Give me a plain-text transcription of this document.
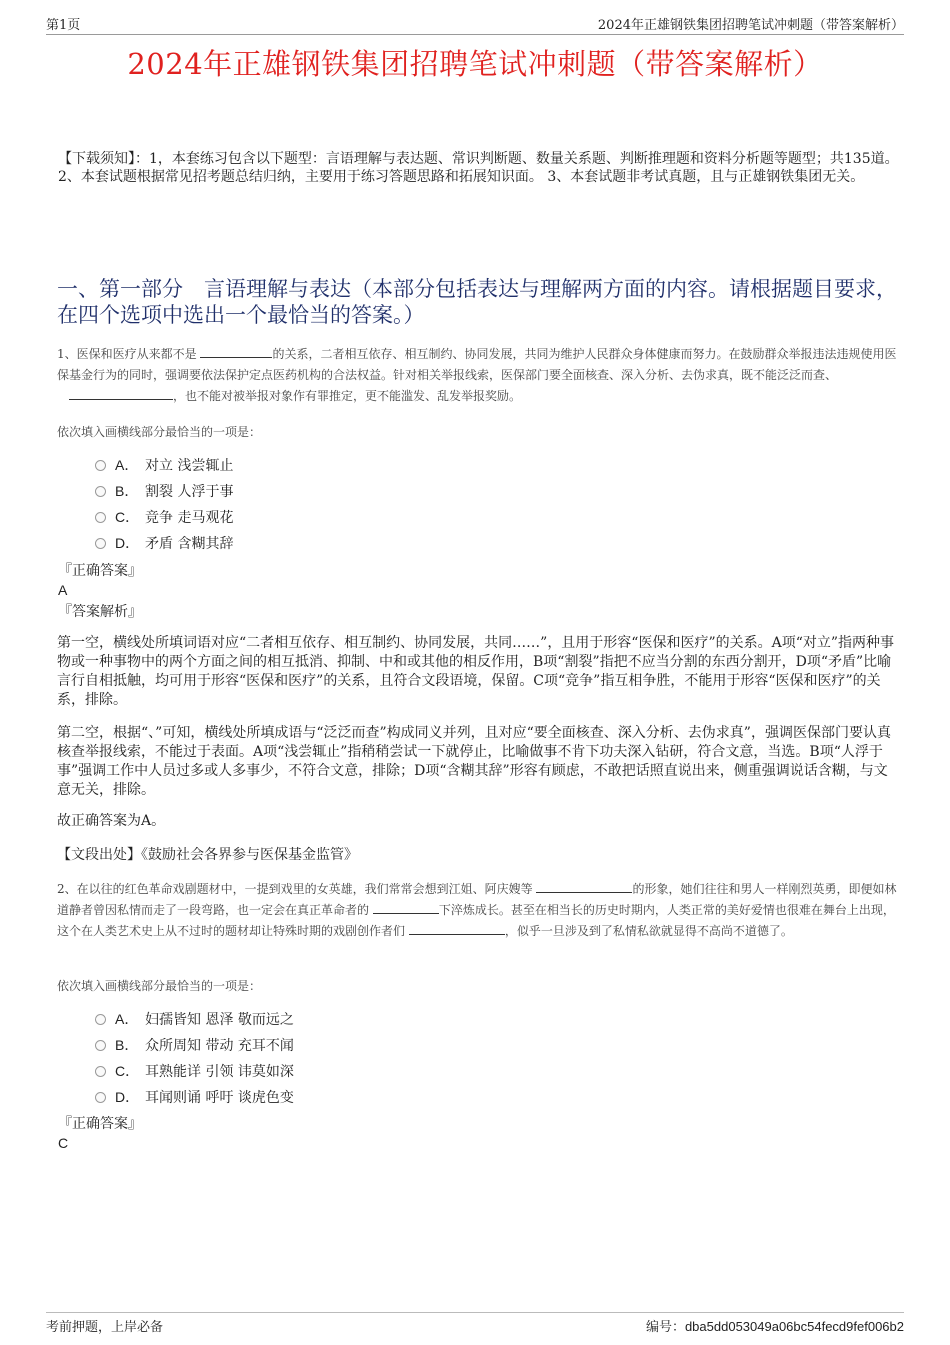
第1页	2024年正雄钢铁集团招聘笔试冲刺题（带答案解析）
2024年正雄钢铁集团招聘笔试冲刺题（带答案解析）
【下载须知】：1，本套练习包含以下题型：言语理解与表达题、常识判断题、数量关系题、判断推理题和资料分析题等题型；共135道。 2、本套试题根据常见招考题总结归纳，主要用于练习答题思路和拓展知识面。 3、本套试题非考试真题，且与正雄钢铁集团无关。
一、第一部分　言语理解与表达（本部分包括表达与理解两方面的内容。请根据题目要求，在四个选项中选出一个最恰当的答案。）
1、医保和医疗从来都不是	的关系，二者相互依存、相互制约、协同发展，共同为维护人民群众身体健康而努力。在鼓励群众举报违法违规使用医保基金行为的同时，强调要依法保护定点医药机构的合法权益。针对相关举报线索，医保部门要全面核查、深入分析、去伪求真，既不能泛泛而查、，也不能对被举报对象作有罪推定，更不能滥发、乱发举报奖励。
依次填入画横线部分最恰当的一项是：
A． 对立 浅尝辄止
B． 割裂 人浮于事
C． 竞争 走马观花
D． 矛盾 含糊其辞
『正确答案』
A
『答案解析』
第一空，横线处所填词语对应“二者相互依存、相互制约、协同发展，共同……”，且用于形容“医保和医疗”的关系。A项“对立”指两种事物或一种事物中的两个方面之间的相互抵消、抑制、中和或其他的相反作用，B项“割裂”指把不应当分割的东西分割开，D项“矛盾”比喻言行自相抵触，均可用于形容“医保和医疗”的关系，且符合文段语境，保留。C项“竞争”指互相争胜，不能用于形容“医保和医疗”的关系，排除。
第二空，根据“、”可知，横线处所填成语与“泛泛而查”构成同义并列，且对应“要全面核查、深入分析、去伪求真”，强调医保部门要认真核查举报线索，不能过于表面。A项“浅尝辄止”指稍稍尝试一下就停止，比喻做事不肯下功夫深入钻研，符合文意，当选。B项“人浮于事”强调工作中人员过多或人多事少，不符合文意，排除；D项“含糊其辞”形容有顾虑，不敢把话照直说出来，侧重强调说话含糊，与文意无关，排除。
故正确答案为A。
【文段出处】《鼓励社会各界参与医保基金监管》
2、在以往的红色革命戏剧题材中，一提到戏里的女英雄，我们常常会想到江姐、阿庆嫂等	的形象，她们往往和男人一样刚烈英勇，即便如林道静者曾因私情而走了一段弯路，也一定会在真正革命者的	下淬炼成长。甚至在相当长的历史时期内，人类正常的美好爱情也很难在舞台上出现，这个在人类艺术史上从不过时的题材却让特殊时期的戏剧创作者们	，似乎一旦涉及到了私情私欲就显得不高尚不道德了。
依次填入画横线部分最恰当的一项是：
A． 妇孺皆知 恩泽 敬而远之
B． 众所周知 带动 充耳不闻
C． 耳熟能详 引领 讳莫如深
D． 耳闻则诵 呼吁 谈虎色变
『正确答案』
C
考前押题，上岸必备	编号：dba5dd053049a06bc54fecd9fef006b2
